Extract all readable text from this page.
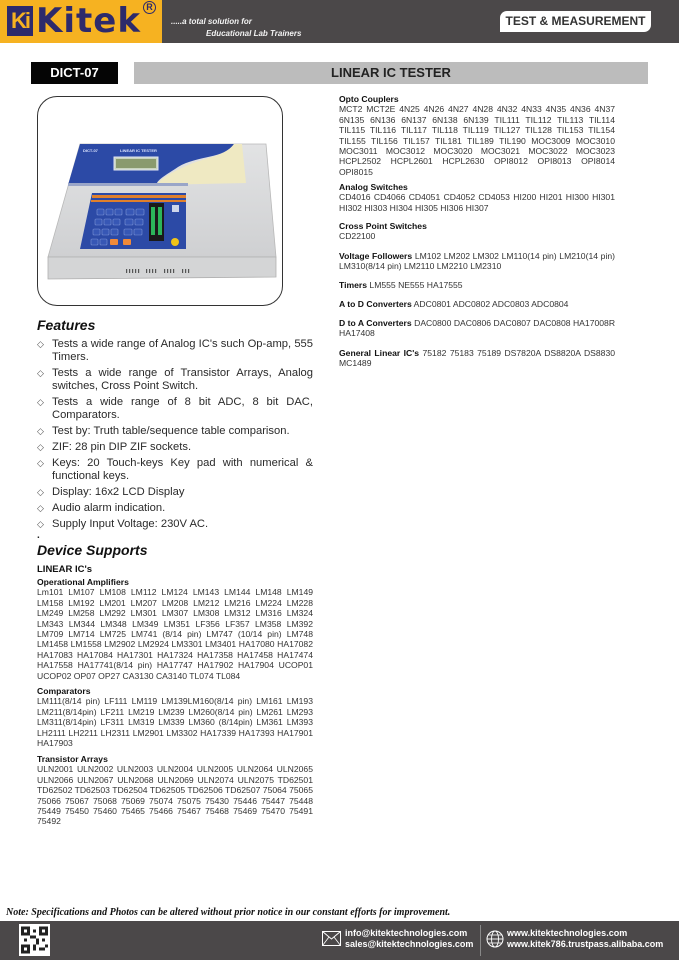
Ki Kitek R
.....a total solution for
Educational Lab Trainers
TEST & MEASUREMENT
DICT-07	LINEAR IC TESTER
DICT-07	LINEAR IC TESTER
Features
◇ Tests a wide range of Analog IC's such Op-amp, 555 Timers.
◇ Tests a wide range of Transistor Arrays, Analog switches, Cross Point Switch.
◇ Tests a wide range of 8 bit ADC, 8 bit DAC, Comparators.
◇ Test by: Truth table/sequence table comparison.
◇ ZIF: 28 pin DIP ZIF sockets.
◇ Keys: 20 Touch-keys Key pad with numerical & functional keys.
◇ Display: 16x2 LCD Display
◇ Audio alarm indication.
◇ Supply Input Voltage: 230V AC.
.
Device Supports
LINEAR IC's
Operational Amplifiers
Lm101 LM107 LM108 LM112 LM124 LM143 LM144 LM148 LM149 LM158 LM192 LM201 LM207 LM208 LM212 LM216 LM224 LM228 LM249 LM258 LM292 LM301 LM307 LM308 LM312 LM316 LM324 LM343 LM344 LM348 LM349 LM351 LF356 LF357 LM358 LM392 LM709 LM714 LM725 LM741 (8/14 pin) LM747 (10/14 pin) LM748 LM1458 LM1558 LM2902 LM2924 LM3301 LM3401 HA17080 HA17082 HA17083 HA17084 HA17301 HA17324 HA17358 HA17458 HA17474 HA17558 HA17741(8/14 pin) HA17747 HA17902 HA17904 UCOP01 UCOP02 OP07 OP27 CA3130 CA3140 TL074 TL084
Comparators
LM111(8/14 pin) LF111 LM119 LM139LM160(8/14 pin) LM161 LM193 LM211(8/14pin) LF211 LM219 LM239 LM260(8/14 pin) LM261 LM293 LM311(8/14pin) LF311 LM319 LM339 LM360 (8/14pin) LM361 LM393 LH2111 LH2211 LH2311 LM2901 LM3302 HA17339 HA17393 HA17901 HA17903
Transistor Arrays
ULN2001 ULN2002 ULN2003 ULN2004 ULN2005 ULN2064 ULN2065 ULN2066 ULN2067 ULN2068 ULN2069 ULN2074 ULN2075 TD62501 TD62502 TD62503 TD62504 TD62505 TD62506 TD62507 75064 75065 75066 75067 75068 75069 75074 75075 75430 75446 75447 75448 75449 75450 75460 75465 75466 75467 75468 75469 75470 75491 75492
Opto Couplers
MCT2 MCT2E 4N25 4N26 4N27 4N28 4N32 4N33 4N35 4N36 4N37 6N135 6N136 6N137 6N138 6N139 TIL111 TIL112 TIL113 TIL114 TIL115 TIL116 TIL117 TIL118 TIL119 TIL127 TIL128 TIL153 TIL154 TIL155 TIL156 TIL157 TIL181 TIL189 TIL190 MOC3009 MOC3010 MOC3011 MOC3012 MOC3020 MOC3021 MOC3022 MOC3023 HCPL2502 HCPL2601 HCPL2630 OPI8012 OPI8013 OPI8014 OPI8015
Analog Switches
CD4016 CD4066 CD4051 CD4052 CD4053 HI200 HI201 HI300 HI301 HI302 HI303 HI304 HI305 HI306 HI307
Cross Point Switches
CD22100
Voltage Followers LM102 LM202 LM302 LM110(14 pin) LM210(14 pin) LM310(8/14 pin) LM2110 LM2210 LM2310
Timers LM555 NE555 HA17555
A to D Converters ADC0801 ADC0802 ADC0803 ADC0804
D to A Converters DAC0800 DAC0806 DAC0807 DAC0808 HA17008R HA17408
General Linear IC's 75182 75183 75189 DS7820A DS8820A DS8830 MC1489
Note: Specifications and Photos can be altered without prior notice in our constant efforts for improvement.
info@kitektechnologies.com
sales@kitektechnologies.com
www.kitektechnologies.com
www.kitek786.trustpass.alibaba.com
